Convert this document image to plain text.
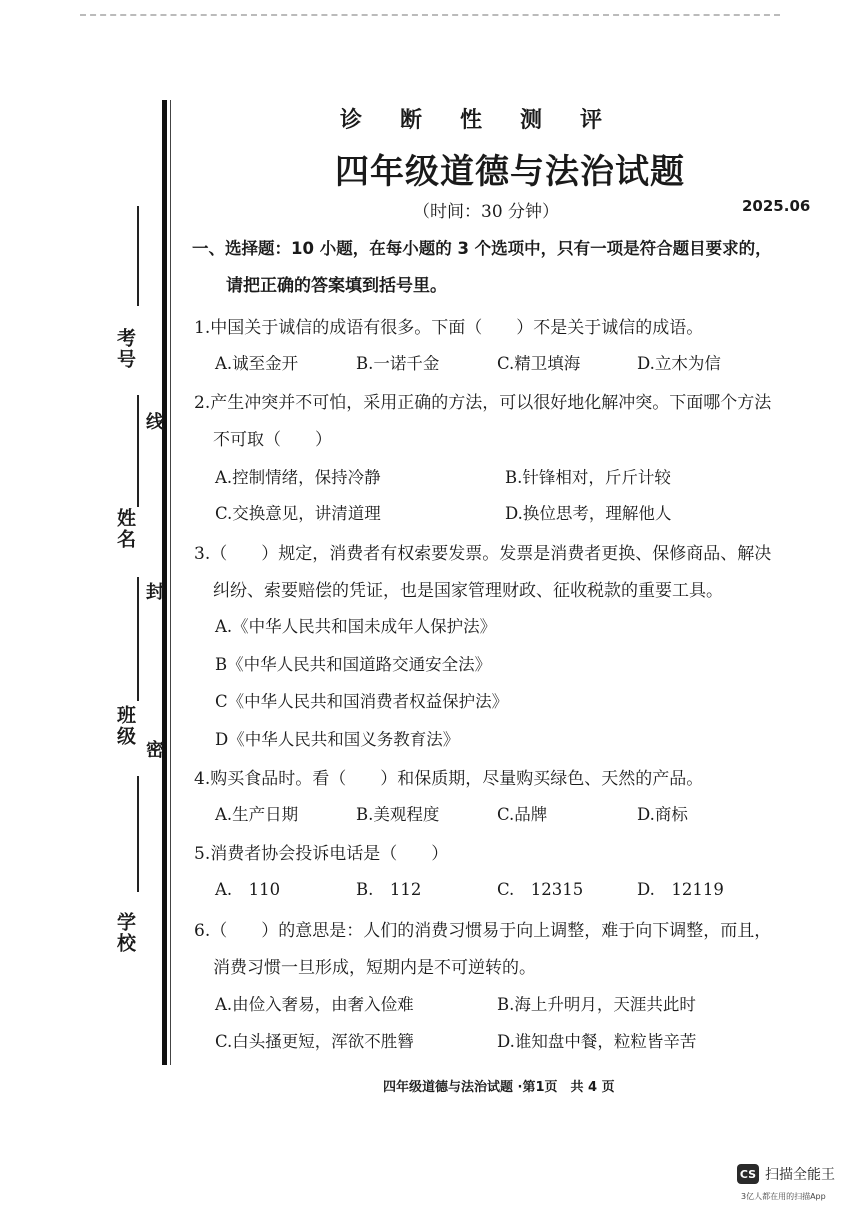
考号
线
姓名
封
班级
密
学校
诊断性测评
四年级道德与法治试题
（时间：30 分钟）	2025.06
一、选择题：10 小题，在每小题的 3 个选项中，只有一项是符合题目要求的，
请把正确的答案填到括号里。
1.中国关于诚信的成语有很多。下面（　　）不是关于诚信的成语。
A.诚至金开	B.一诺千金	C.精卫填海	D.立木为信
2.产生冲突并不可怕，采用正确的方法，可以很好地化解冲突。下面哪个方法
不可取（　　）
A.控制情绪，保持冷静	B.针锋相对，斤斤计较
C.交换意见，讲清道理	D.换位思考，理解他人
3.（　　）规定，消费者有权索要发票。发票是消费者更换、保修商品、解决
纠纷、索要赔偿的凭证，也是国家管理财政、征收税款的重要工具。
A.《中华人民共和国未成年人保护法》
B《中华人民共和国道路交通安全法》
C《中华人民共和国消费者权益保护法》
D《中华人民共和国义务教育法》
4.购买食品时。看（　　）和保质期，尽量购买绿色、天然的产品。
A.生产日期	B.美观程度	C.品牌	D.商标
5.消费者协会投诉电话是（　　）
A.　110	B.　112	C.　12315	D.　12119
6.（　　）的意思是：人们的消费习惯易于向上调整，难于向下调整，而且，
消费习惯一旦形成，短期内是不可逆转的。
A.由俭入奢易，由奢入俭难	B.海上升明月，天涯共此时
C.白头搔更短，浑欲不胜簪	D.谁知盘中餐，粒粒皆辛苦
四年级道德与法治试题 ·第1页　共 4 页
CS 扫描全能王
3亿人都在用的扫描App
